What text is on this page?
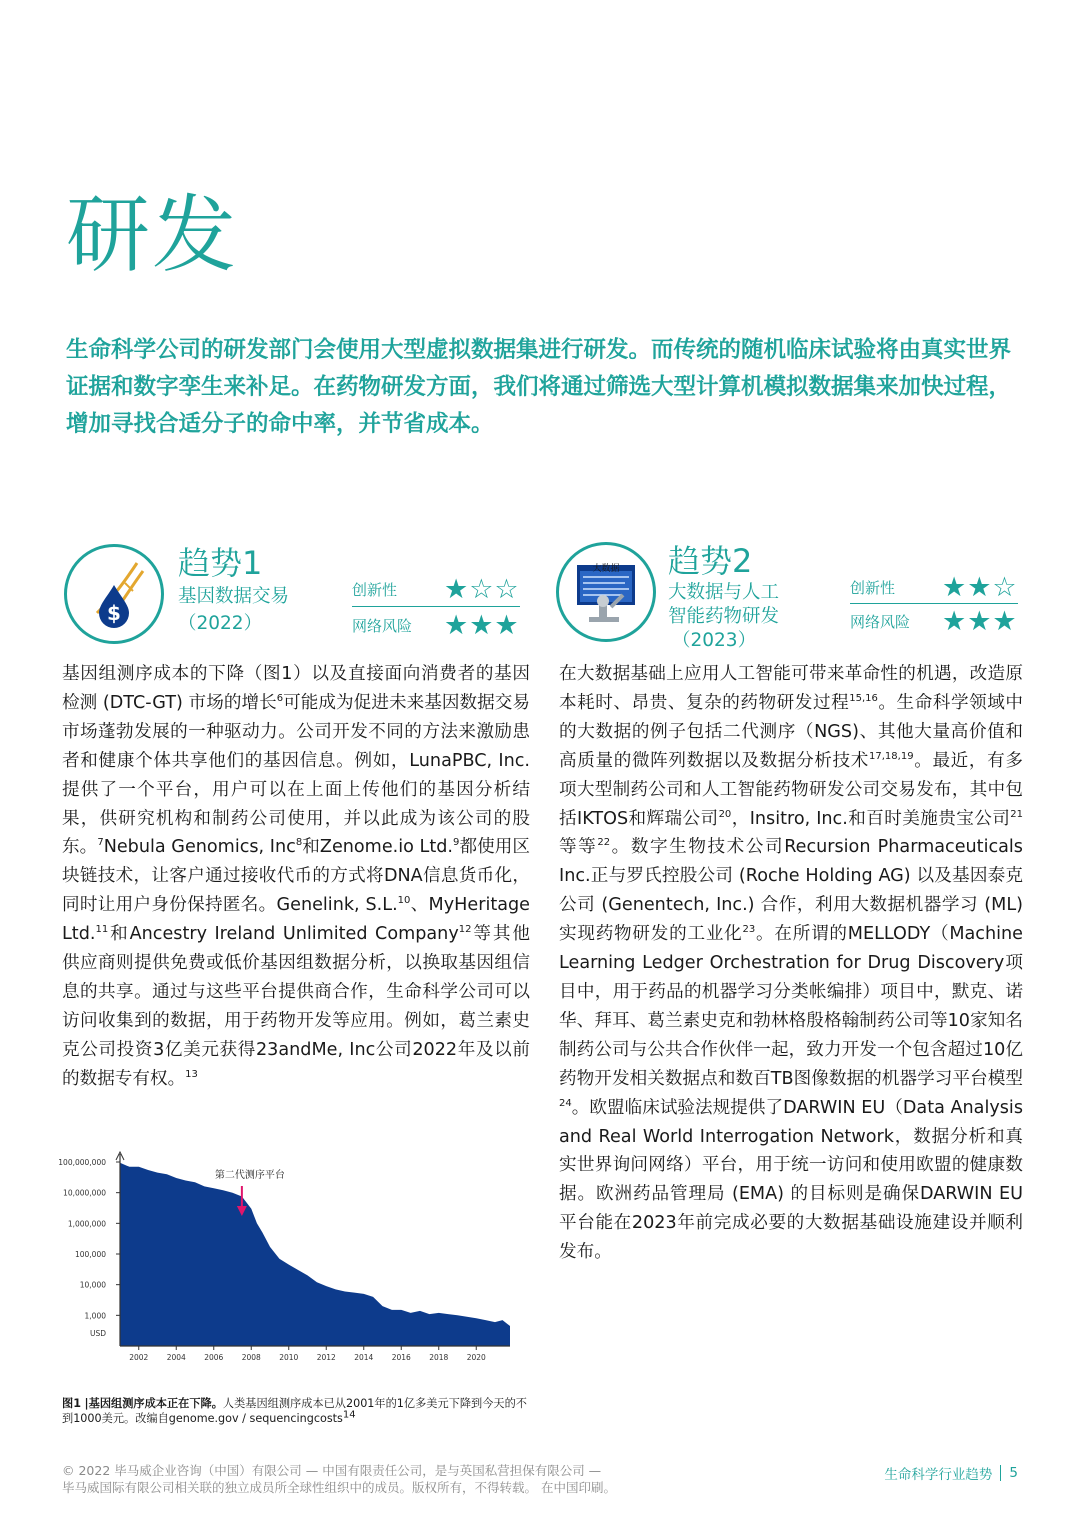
研发

生命科学公司的研发部门会使用大型虚拟数据集进行研发。而传统的随机临床试验将由真实世界证据和数字孪生来补足。在药物研发方面，我们将通过筛选大型计算机模拟数据集来加快过程，增加寻找合适分子的命中率，并节省成本。

$
趋势1
基因数据交易
（2022）
创新性	★☆☆
网络风险	★★★
大数据 趋势2
大数据与人工
智能药物研发
（2023）
创新性	★★☆
网络风险	★★★

基因组测序成本的下降（图1）以及直接面向消费者的基因检测 (DTC-GT) 市场的增长$^6$可能成为促进未来基因数据交易市场蓬勃发展的一种驱动力。公司开发不同的方法来激励患者和健康个体共享他们的基因信息。例如，LunaPBC, Inc.提供了一个平台，用户可以在上面上传他们的基因分析结果，供研究机构和制药公司使用，并以此成为该公司的股东。$^7$Nebula Genomics, Inc$^8$和Zenome.io Ltd.$^9$都使用区块链技术，让客户通过接收代币的方式将DNA信息货币化，同时让用户身份保持匿名。Genelink, S.L.$^{10}$、MyHeritage Ltd.$^{11}$和Ancestry Ireland Unlimited Company$^{12}$等其他供应商则提供免费或低价基因组数据分析，以换取基因组信息的共享。通过与这些平台提供商合作，生命科学公司可以访问收集到的数据，用于药物开发等应用。例如，葛兰素史克公司投资3亿美元获得23andMe, Inc公司2022年及以前的数据专有权。$^{13}$

在大数据基础上应用人工智能可带来革命性的机遇，改造原本耗时、昂贵、复杂的药物研发过程$^{15,16}$。生命科学领域中的大数据的例子包括二代测序（NGS)、其他大量高价值和高质量的微阵列数据以及数据分析技术$^{17,18,19}$。最近，有多项大型制药公司和人工智能药物研发公司交易发布，其中包括IKTOS和辉瑞公司$^{20}$，Insitro, Inc.和百时美施贵宝公司$^{21}$等等$^{22}$。数字生物技术公司Recursion Pharmaceuticals Inc.正与罗氏控股公司 (Roche Holding AG) 以及基因泰克公司 (Genentech, Inc.) 合作，利用大数据机器学习 (ML) 实现药物研发的工业化$^{23}$。在所谓的MELLODY（Machine Learning Ledger Orchestration for Drug Discovery项目中，用于药品的机器学习分类帐编排）项目中，默克、诺华、拜耳、葛兰素史克和勃林格殷格翰制药公司等10家知名制药公司与公共合作伙伴一起，致力开发一个包含超过10亿药物开发相关数据点和数百TB图像数据的机器学习平台模型$^{24}$。欧盟临床试验法规提供了DARWIN EU（Data Analysis and Real World Interrogation Network，数据分析和真实世界询问网络）平台，用于统一访问和使用欧盟的健康数据。欧洲药品管理局 (EMA) 的目标则是确保DARWIN EU平台能在2023年前完成必要的大数据基础设施建设并顺利发布。

1,000
10,000
100,000
1,000,000
10,000,000
100,000,000
USD
2002 2004 2006 2008 2010 2012 2014 2016 2018 2020
第二代测序平台

图1 |基因组测序成本正在下降。人类基因组测序成本已从2001年的1亿多美元下降到今天的不到1000美元。改编自genome.gov / sequencingcosts$^{14}$

© 2022 毕马威企业咨询（中国）有限公司 — 中国有限责任公司，是与英国私营担保有限公司 —
毕马威国际有限公司相关联的独立成员所全球性组织中的成员。版权所有，不得转载。 在中国印刷。
生命科学行业趋势 5
